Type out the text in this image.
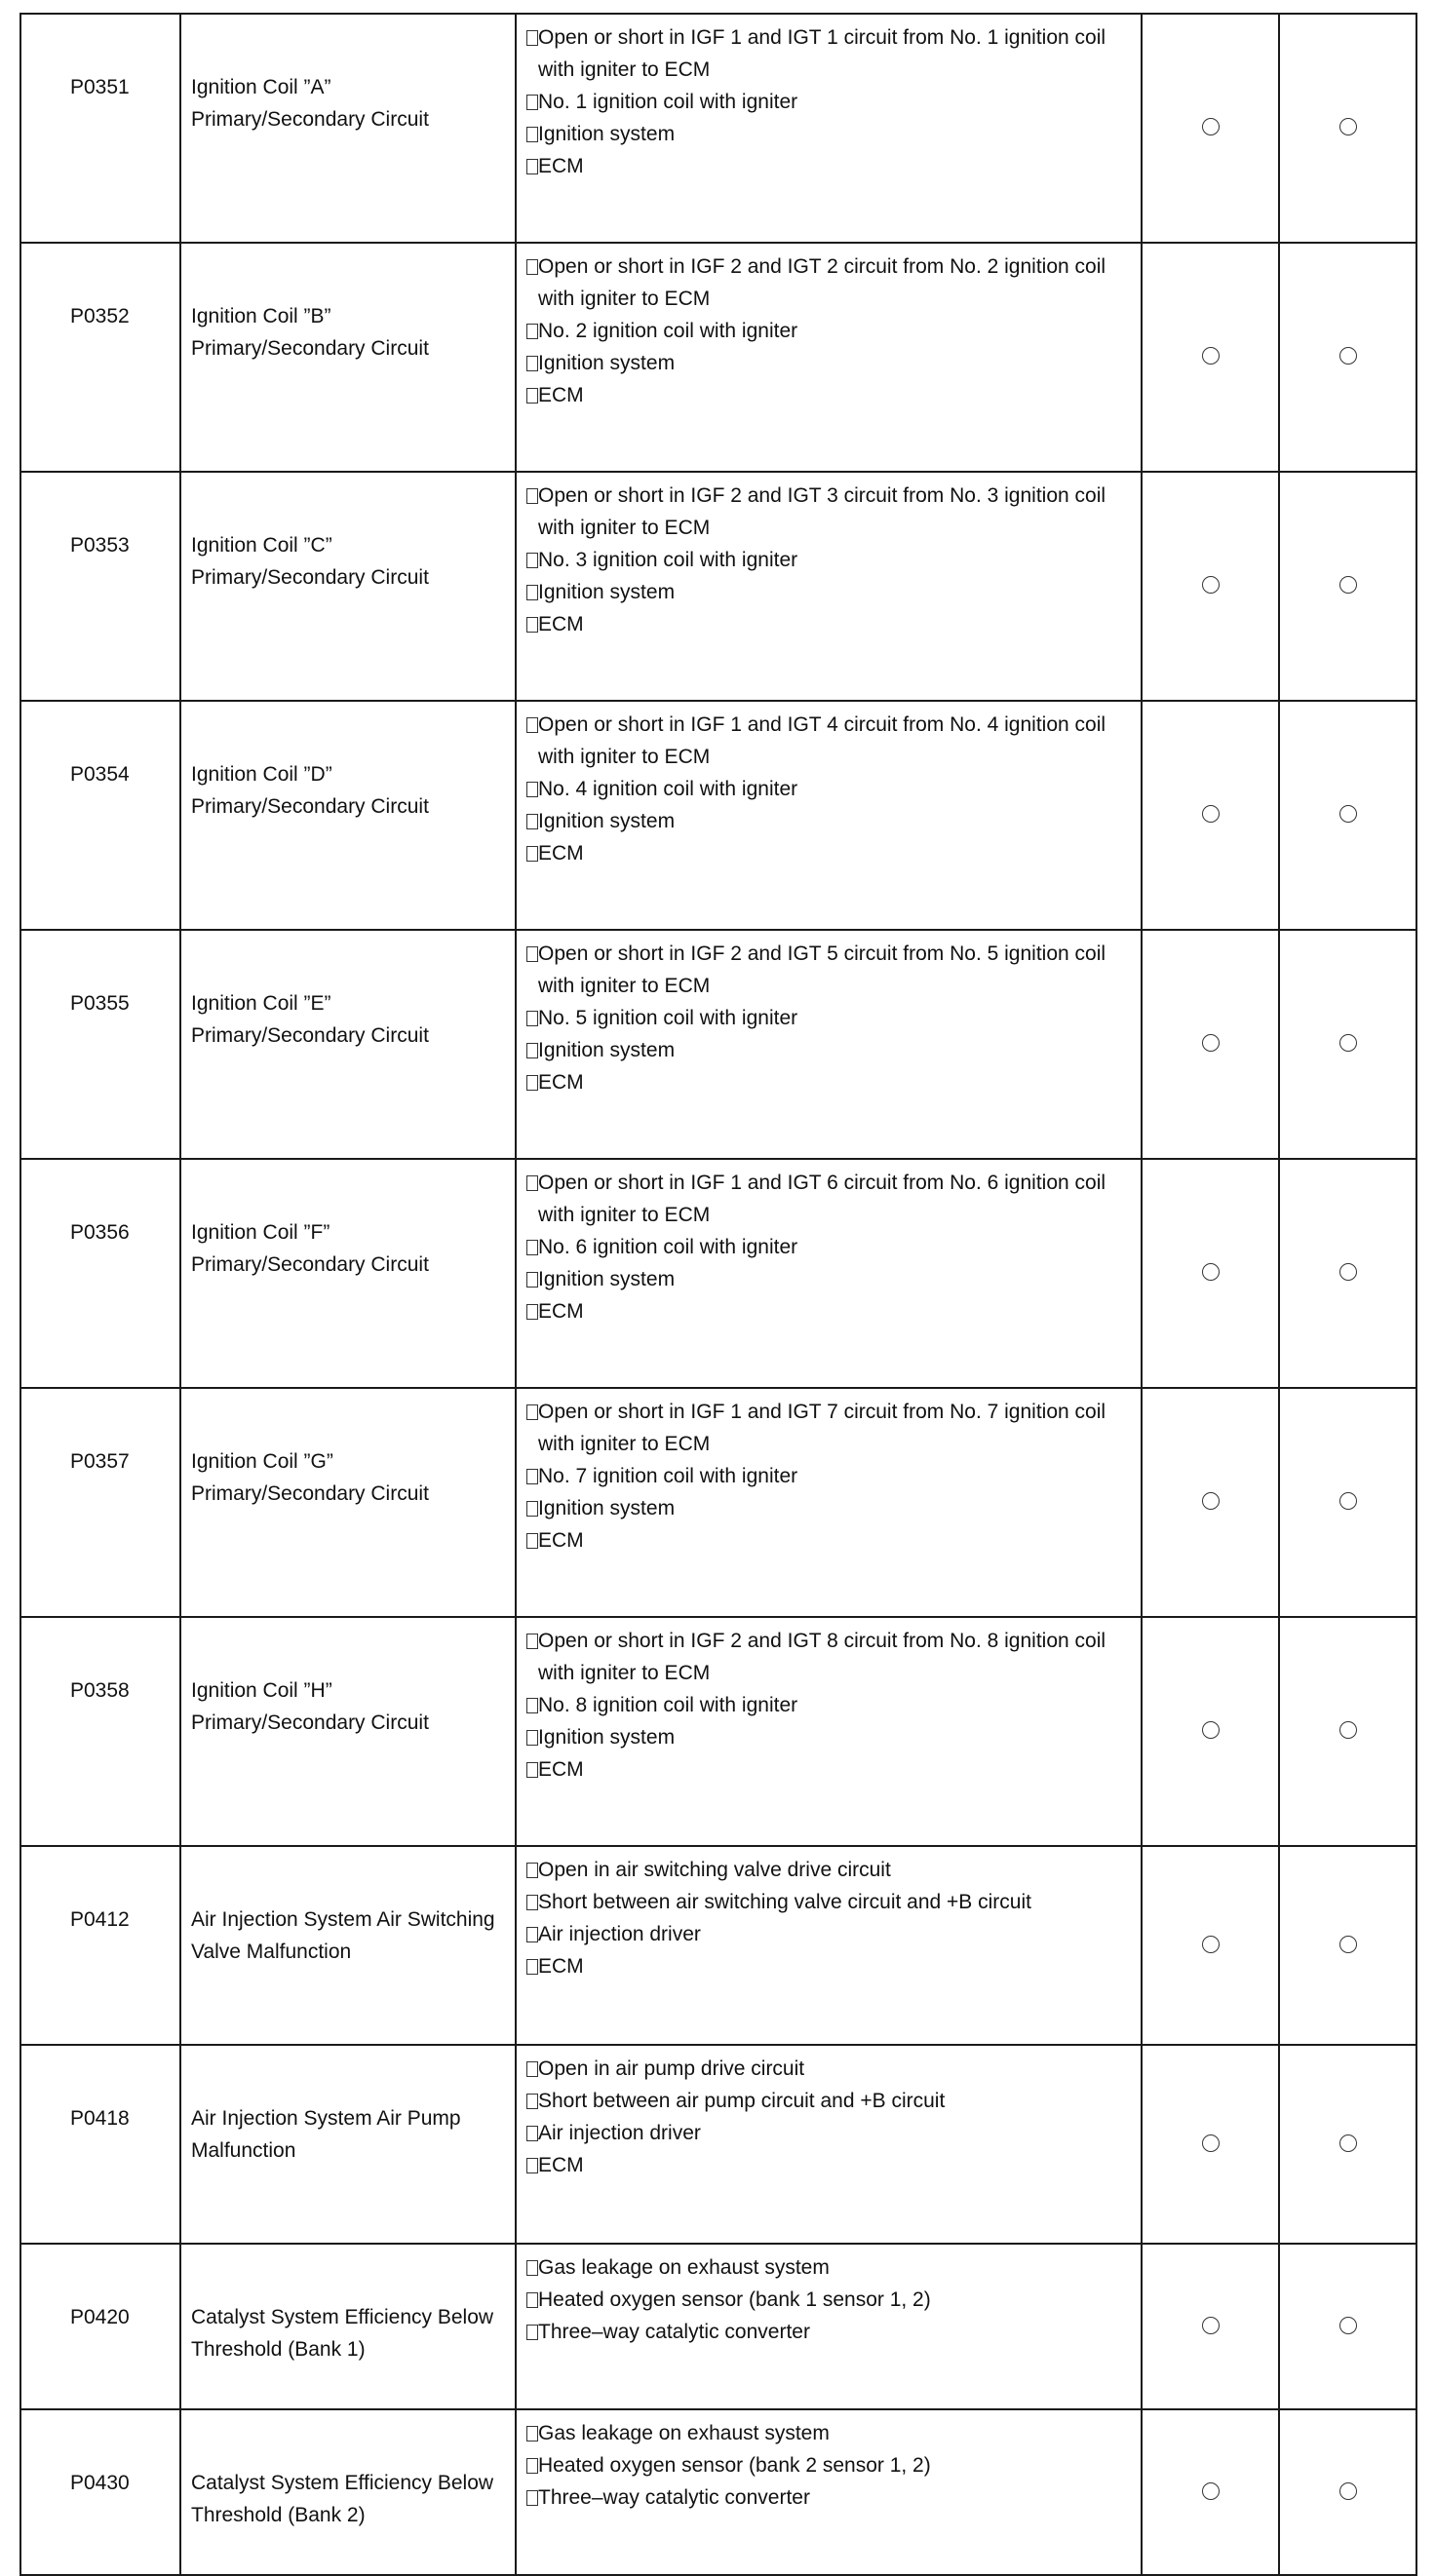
P0351	Ignition Coil ”A” Primary/Secondary Circuit	Open or short in IGF 1 and IGT 1 circuit from No. 1 ignition coil with igniter to ECM
No. 1 ignition coil with igniter
Ignition system
ECM		

P0352	Ignition Coil ”B” Primary/Secondary Circuit	Open or short in IGF 2 and IGT 2 circuit from No. 2 ignition coil with igniter to ECM
No. 2 ignition coil with igniter
Ignition system
ECM		

P0353	Ignition Coil ”C” Primary/Secondary Circuit	Open or short in IGF 2 and IGT 3 circuit from No. 3 ignition coil with igniter to ECM
No. 3 ignition coil with igniter
Ignition system
ECM		

P0354	Ignition Coil ”D” Primary/Secondary Circuit	Open or short in IGF 1 and IGT 4 circuit from No. 4 ignition coil with igniter to ECM
No. 4 ignition coil with igniter
Ignition system
ECM		

P0355	Ignition Coil ”E” Primary/Secondary Circuit	Open or short in IGF 2 and IGT 5 circuit from No. 5 ignition coil with igniter to ECM
No. 5 ignition coil with igniter
Ignition system
ECM		

P0356	Ignition Coil ”F” Primary/Secondary Circuit	Open or short in IGF 1 and IGT 6 circuit from No. 6 ignition coil with igniter to ECM
No. 6 ignition coil with igniter
Ignition system
ECM		

P0357	Ignition Coil ”G” Primary/Secondary Circuit	Open or short in IGF 1 and IGT 7 circuit from No. 7 ignition coil with igniter to ECM
No. 7 ignition coil with igniter
Ignition system
ECM		

P0358	Ignition Coil ”H” Primary/Secondary Circuit	Open or short in IGF 2 and IGT 8 circuit from No. 8 ignition coil with igniter to ECM
No. 8 ignition coil with igniter
Ignition system
ECM		

P0412	Air Injection System Air Switching Valve Malfunction	Open in air switching valve drive circuit
Short between air switching valve circuit and +B circuit
Air injection driver
ECM		

P0418	Air Injection System Air Pump Malfunction	Open in air pump drive circuit
Short between air pump circuit and +B circuit
Air injection driver
ECM		

P0420	Catalyst System Efficiency Below Threshold (Bank 1)	Gas leakage on exhaust system
Heated oxygen sensor (bank 1 sensor 1, 2)
Three–way catalytic converter		

P0430	Catalyst System Efficiency Below Threshold (Bank 2)	Gas leakage on exhaust system
Heated oxygen sensor (bank 2 sensor 1, 2)
Three–way catalytic converter		
